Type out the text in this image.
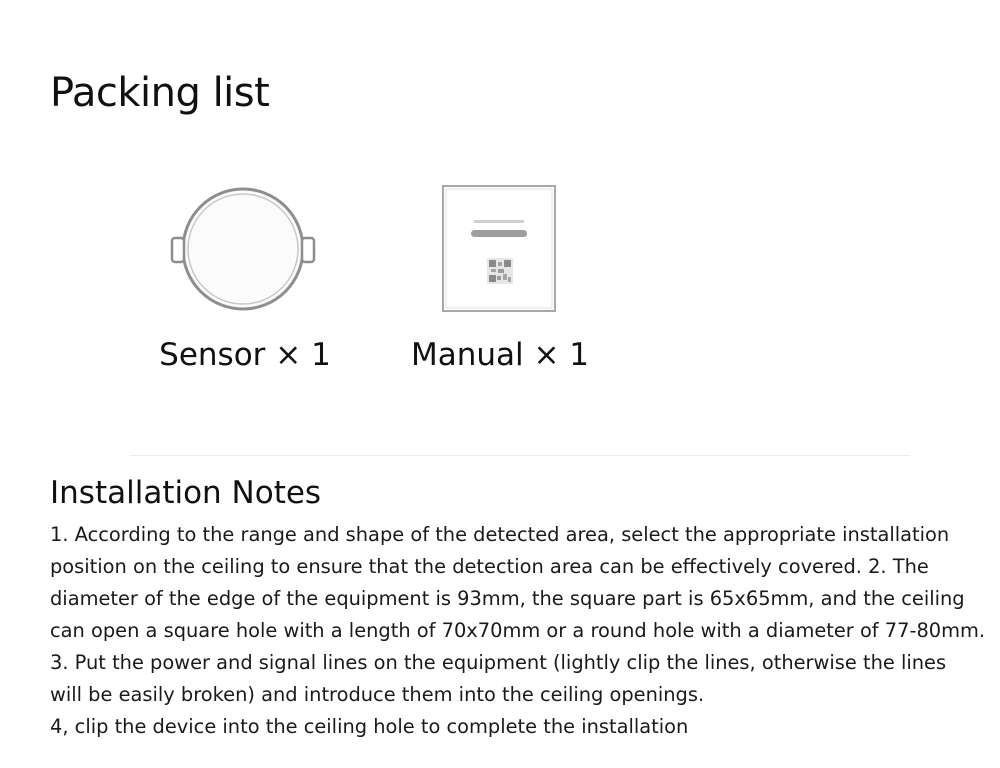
Packing list
Sensor × 1	Manual × 1
Installation Notes

1. According to the range and shape of the detected area, select the appropriate installation
position on the ceiling to ensure that the detection area can be effectively covered. 2. The
diameter of the edge of the equipment is 93mm, the square part is 65x65mm, and the ceiling
can open a square hole with a length of 70x70mm or a round hole with a diameter of 77-80mm.
3. Put the power and signal lines on the equipment (lightly clip the lines, otherwise the lines
will be easily broken) and introduce them into the ceiling openings.
4, clip the device into the ceiling hole to complete the installation
